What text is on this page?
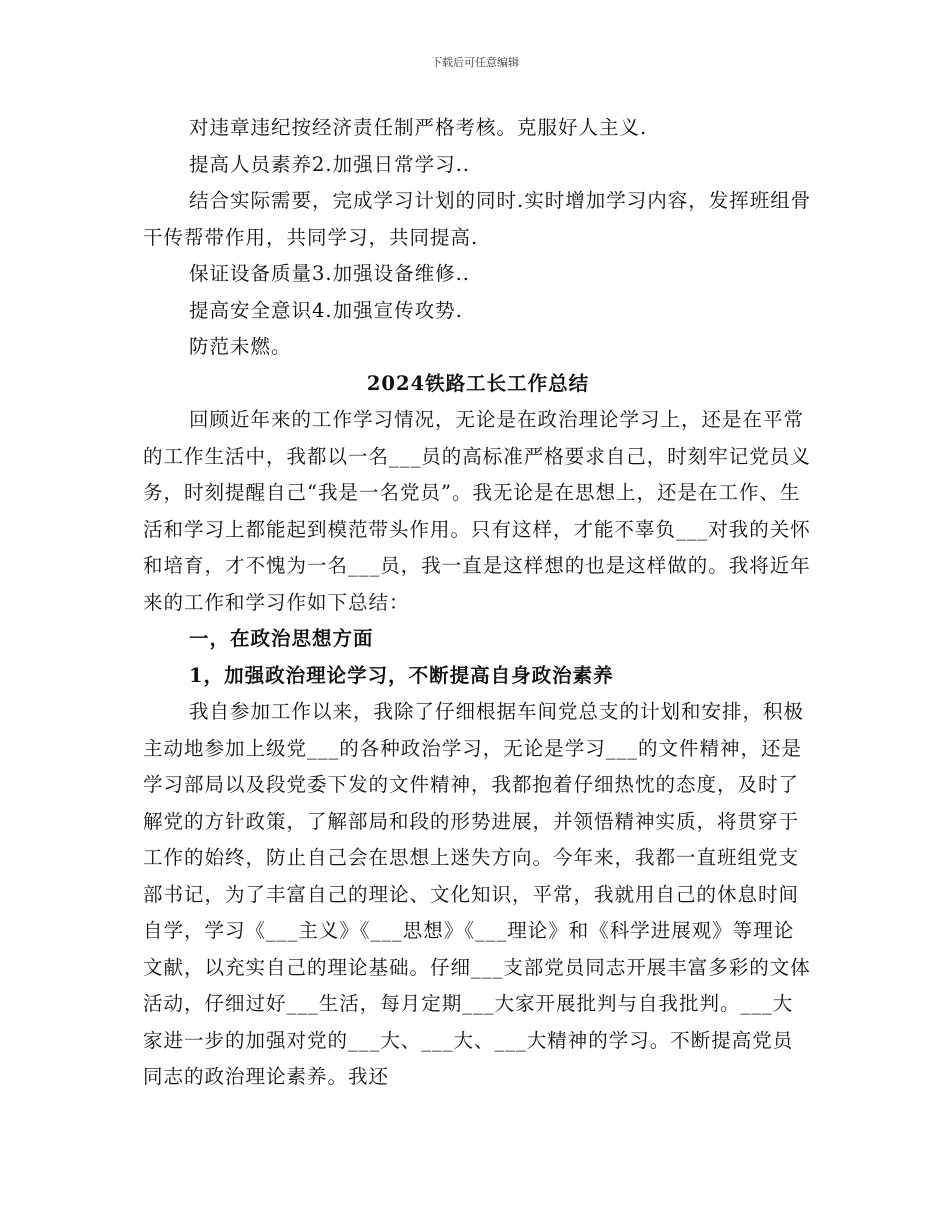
下载后可任意编辑

对违章违纪按经济责任制严格考核。克服好人主义.

提高人员素养2.加强日常学习..

结合实际需要，完成学习计划的同时.实时增加学习内容，发挥班组骨干传帮带作用，共同学习，共同提高.

保证设备质量3.加强设备维修..

提高安全意识4.加强宣传攻势.

防范未燃。

2024铁路工长工作总结

回顾近年来的工作学习情况，无论是在政治理论学习上，还是在平常的工作生活中，我都以一名___员的高标准严格要求自己，时刻牢记党员义务，时刻提醒自己“我是一名党员”。我无论是在思想上，还是在工作、生活和学习上都能起到模范带头作用。只有这样，才能不辜负___对我的关怀和培育，才不愧为一名___员，我一直是这样想的也是这样做的。我将近年来的工作和学习作如下总结：

一，在政治思想方面

1，加强政治理论学习，不断提高自身政治素养

我自参加工作以来，我除了仔细根据车间党总支的计划和安排，积极主动地参加上级党___的各种政治学习，无论是学习___的文件精神，还是学习部局以及段党委下发的文件精神，我都抱着仔细热忱的态度，及时了解党的方针政策，了解部局和段的形势进展，并领悟精神实质，将贯穿于工作的始终，防止自己会在思想上迷失方向。今年来，我都一直班组党支部书记，为了丰富自己的理论、文化知识，平常，我就用自己的休息时间自学，学习《___主义》《___思想》《___理论》和《科学进展观》等理论文献，以充实自己的理论基础。仔细___支部党员同志开展丰富多彩的文体活动，仔细过好___生活，每月定期___大家开展批判与自我批判。___大家进一步的加强对党的___大、___大、___大精神的学习。不断提高党员同志的政治理论素养。我还
